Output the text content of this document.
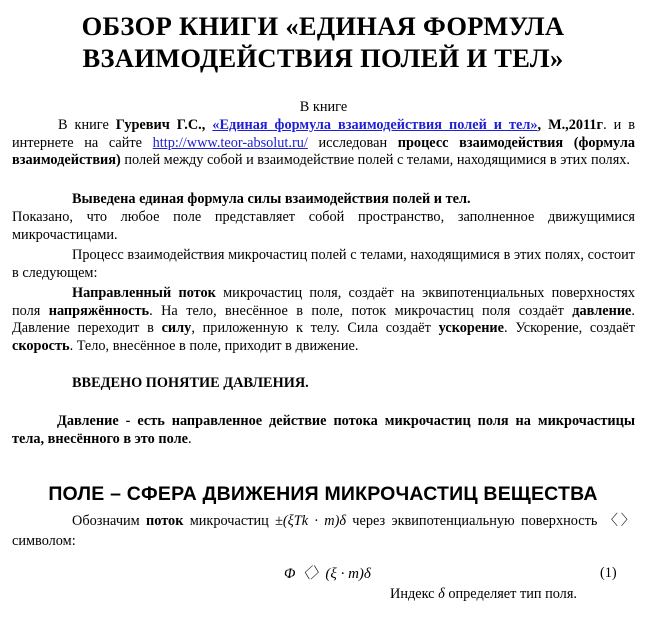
ОБЗОР КНИГИ «ЕДИНАЯ ФОРМУЛА
ВЗАИМОДЕЙСТВИЯ ПОЛЕЙ И ТЕЛ»
В книге
В книге Гуревич Г.С., «Единая формула взаимодействия полей и тел», М.,2011г. и в интернете на сайте http://www.teor-absolut.ru/ исследован процесс взаимодействия (формула взаимодействия) полей между собой и взаимодействие полей с телами, находящимися в этих полях.
Выведена единая формула силы взаимодействия полей и тел.
Показано, что любое поле представляет собой пространство, заполненное движущимися микрочастицами.
Процесс взаимодействия микрочастиц полей с телами, находящимися в этих полях, состоит в следующем:
Направленный поток микрочастиц поля, создаёт на эквипотенциальных поверхностях поля напряжённость. На тело, внесённое в поле, поток микрочастиц поля создаёт давление. Давление переходит в силу, приложенную к телу. Сила создаёт ускорение. Ускорение, создаёт скорость. Тело, внесённое в поле, приходит в движение.
ВВЕДЕНО ПОНЯТИЕ ДАВЛЕНИЯ.
Давление - есть направленное действие потока микрочастиц поля на микрочастицы тела, внесённого в это поле.
ПОЛЕ – СФЕРА ДВИЖЕНИЯ МИКРОЧАСТИЦ ВЕЩЕСТВА
Обозначим поток микрочастиц ±(ξTk · m)δ через эквипотенциальную поверхность 〈〉 символом:
Φ〈〉(ξ · m)δ	(1)
Индекс δ определяет тип поля.
